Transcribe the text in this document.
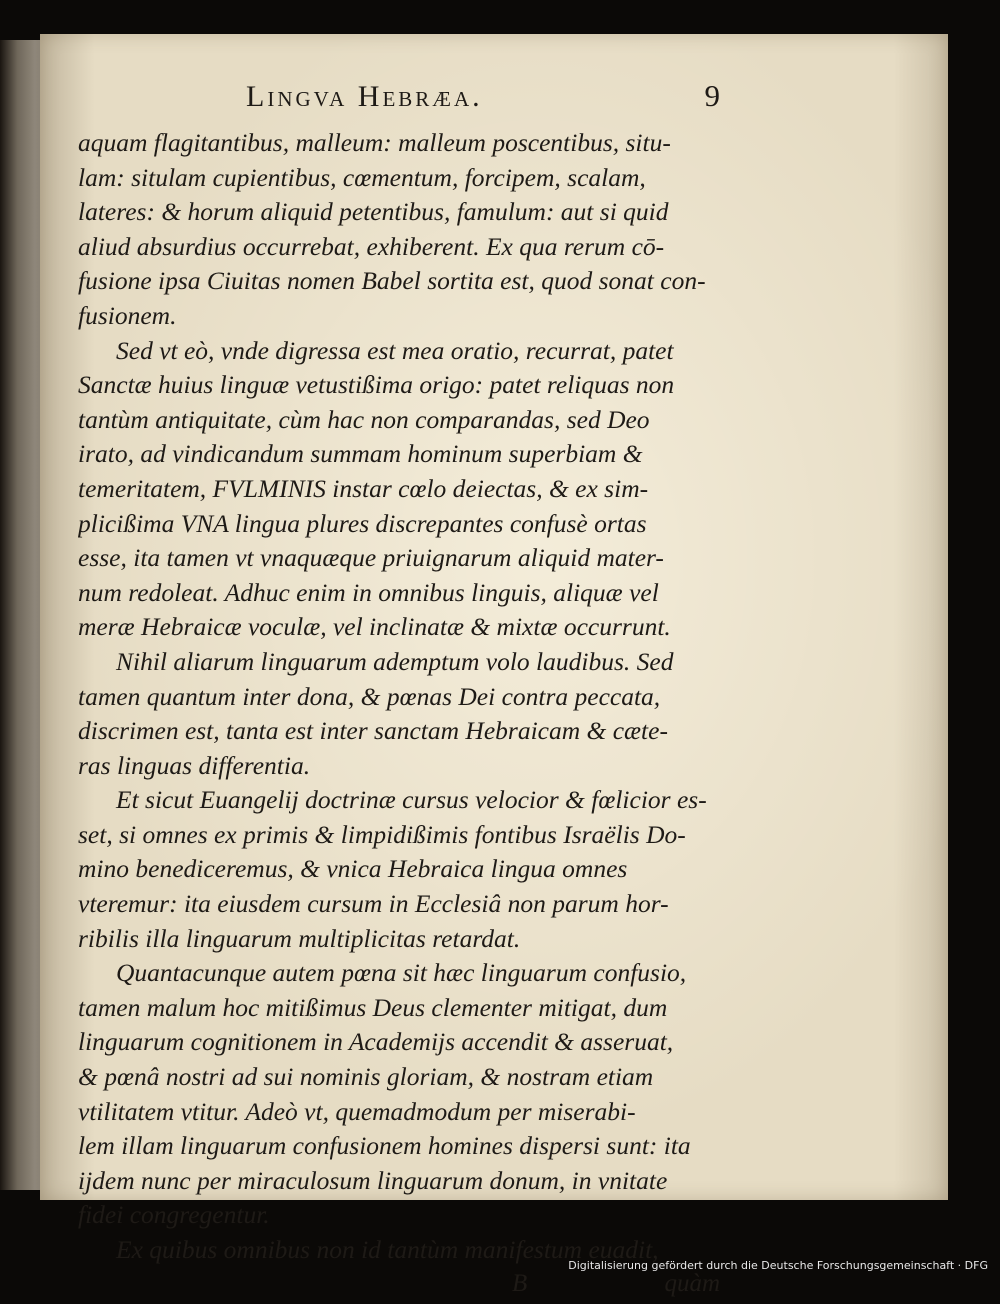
Lingva Hebræa.	9
aquam flagitantibus, malleum: malleum poscentibus, situ-
lam: situlam cupientibus, cœmentum, forcipem, scalam,
lateres: & horum aliquid petentibus, famulum: aut si quid
aliud absurdius occurrebat, exhiberent. Ex qua rerum cō-
fusione ipsa Ciuitas nomen Babel sortita est, quod sonat con-
fusionem.
Sed vt eò, vnde digressa est mea oratio, recurrat, patet
Sanctæ huius linguæ vetustißima origo: patet reliquas non
tantùm antiquitate, cùm hac non comparandas, sed Deo
irato, ad vindicandum summam hominum superbiam &
temeritatem, FVLMINIS instar cœlo deiectas, & ex sim-
plicißima VNA lingua plures discrepantes confusè ortas
esse, ita tamen vt vnaquæque priuignarum aliquid mater-
num redoleat. Adhuc enim in omnibus linguis, aliquæ vel
meræ Hebraicæ voculæ, vel inclinatæ & mixtæ occurrunt.
Nihil aliarum linguarum ademptum volo laudibus. Sed
tamen quantum inter dona, & pœnas Dei contra peccata,
discrimen est, tanta est inter sanctam Hebraicam & cæte-
ras linguas differentia.
Et sicut Euangelij doctrinæ cursus velocior & fœlicior es-
set, si omnes ex primis & limpidißimis fontibus Israëlis Do-
mino benediceremus, & vnica Hebraica lingua omnes
vteremur: ita eiusdem cursum in Ecclesiâ non parum hor-
ribilis illa linguarum multiplicitas retardat.
Quantacunque autem pœna sit hæc linguarum confusio,
tamen malum hoc mitißimus Deus clementer mitigat, dum
linguarum cognitionem in Academijs accendit & asseruat,
& pœnâ nostri ad sui nominis gloriam, & nostram etiam
vtilitatem vtitur. Adeò vt, quemadmodum per miserabi-
lem illam linguarum confusionem homines dispersi sunt: ita
ijdem nunc per miraculosum linguarum donum, in vnitate
fidei congregentur.
Ex quibus omnibus non id tantùm manifestum euadit,
B	quàm
Digitalisierung gefördert durch die Deutsche Forschungsgemeinschaft · DFG
